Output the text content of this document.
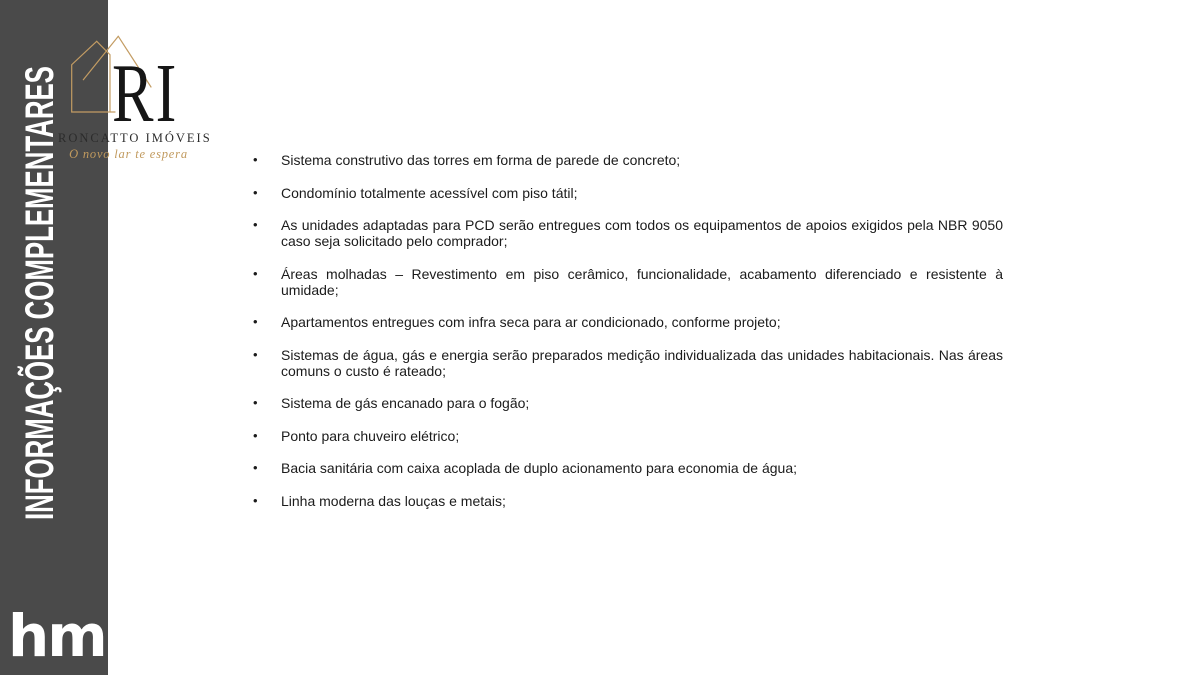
INFORMAÇÕES COMPLEMENTARES
hm
RI
RONCATTO IMÓVEIS
O novo lar te espera	• Sistema construtivo das torres em forma de parede de concreto;
• Condomínio totalmente acessível com piso tátil;
• As unidades adaptadas para PCD serão entregues com todos os equipamentos de apoios exigidos pela NBR 9050 caso seja solicitado pelo comprador;
• Áreas molhadas – Revestimento em piso cerâmico, funcionalidade, acabamento diferenciado e resistente à umidade;
• Apartamentos entregues com infra seca para ar condicionado, conforme projeto;
• Sistemas de água, gás e energia serão preparados medição individualizada das unidades habitacionais. Nas áreas comuns o custo é rateado;
• Sistema de gás encanado para o fogão;
• Ponto para chuveiro elétrico;
• Bacia sanitária com caixa acoplada de duplo acionamento para economia de água;
• Linha moderna das louças e metais;
